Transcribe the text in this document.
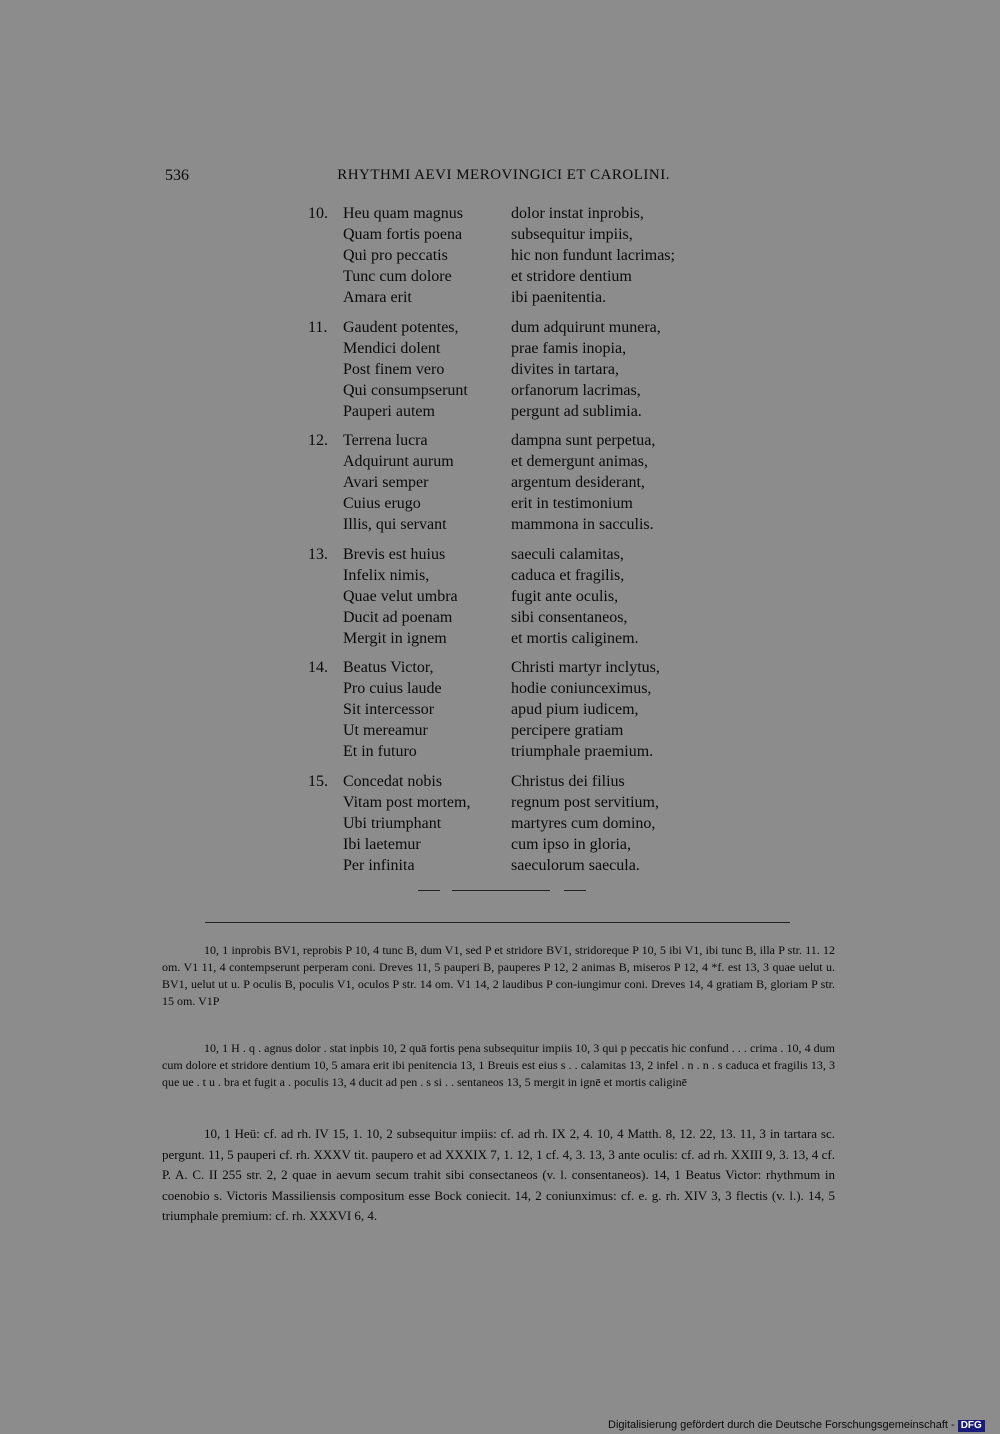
536	RHYTHMI AEVI MEROVINGICI ET CAROLINI.
10. Heu quam magnus	dolor instat inprobis,
Quam fortis poena	subsequitur impiis,
Qui pro peccatis	hic non fundunt lacrimas;
Tunc cum dolore	et stridore dentium
Amara erit	ibi paenitentia.
11. Gaudent potentes,	dum adquirunt munera,
Mendici dolent	prae famis inopia,
Post finem vero	divites in tartara,
Qui consumpserunt	orfanorum lacrimas,
Pauperi autem	pergunt ad sublimia.
12. Terrena lucra	dampna sunt perpetua,
Adquirunt aurum	et demergunt animas,
Avari semper	argentum desiderant,
Cuius erugo	erit in testimonium
Illis, qui servant	mammona in sacculis.
13. Brevis est huius	saeculi calamitas,
Infelix nimis,	caduca et fragilis,
Quae velut umbra	fugit ante oculis,
Ducit ad poenam	sibi consentaneos,
Mergit in ignem	et mortis caliginem.
14. Beatus Victor,	Christi martyr inclytus,
Pro cuius laude	hodie coniunceximus,
Sit intercessor	apud pium iudicem,
Ut mereamur	percipere gratiam
Et in futuro	triumphale praemium.
15. Concedat nobis	Christus dei filius
Vitam post mortem,	regnum post servitium,
Ubi triumphant	martyres cum domino,
Ibi laetemur	cum ipso in gloria,
Per infinita	saeculorum saecula.
10, 1 inprobis BV1, reprobis P 10, 4 tunc B, dum V1, sed P et stridore BV1, stridoreque P 10, 5 ibi V1, ibi tunc B, illa P str. 11. 12 om. V1 11, 4 contempserunt perperam coni. Dreves 11, 5 pauperi B, pauperes P 12, 2 animas B, miseros P 12, 4 *f. est 13, 3 quae uelut u. BV1, uelut ut u. P oculis B, poculis V1, oculos P str. 14 om. V1 14, 2 laudibus P con-iungimur coni. Dreves 14, 4 gratiam B, gloriam P str. 15 om. V1P
10, 1 H . q . agnus dolor . stat inpbis 10, 2 quā fortis pena subsequitur impiis 10, 3 qui p peccatis hic confund . . . crima . 10, 4 dum cum dolore et stridore dentium 10, 5 amara erit ibi penitencia 13, 1 Breuis est eius s . . calamitas 13, 2 infel . n . n . s caduca et fragilis 13, 3 que ue . t u . bra et fugit a . poculis 13, 4 ducit ad pen . s si . . sentaneos 13, 5 mergit in ignē et mortis caliginē
10, 1 Heū: cf. ad rh. IV 15, 1. 10, 2 subsequitur impiis: cf. ad rh. IX 2, 4. 10, 4 Matth. 8, 12. 22, 13. 11, 3 in tartara sc. pergunt. 11, 5 pauperi cf. rh. XXXV tit. paupero et ad XXXIX 7, 1. 12, 1 cf. 4, 3. 13, 3 ante oculis: cf. ad rh. XXIII 9, 3. 13, 4 cf. P. A. C. II 255 str. 2, 2 quae in aevum secum trahit sibi consectaneos (v. l. consentaneos). 14, 1 Beatus Victor: rhythmum in coenobio s. Victoris Massiliensis compositum esse Bock coniecit. 14, 2 coniunximus: cf. e. g. rh. XIV 3, 3 flectis (v. l.). 14, 5 triumphale premium: cf. rh. XXXVI 6, 4.
Digitalisierung gefördert durch die Deutsche Forschungsgemeinschaft - DFG
